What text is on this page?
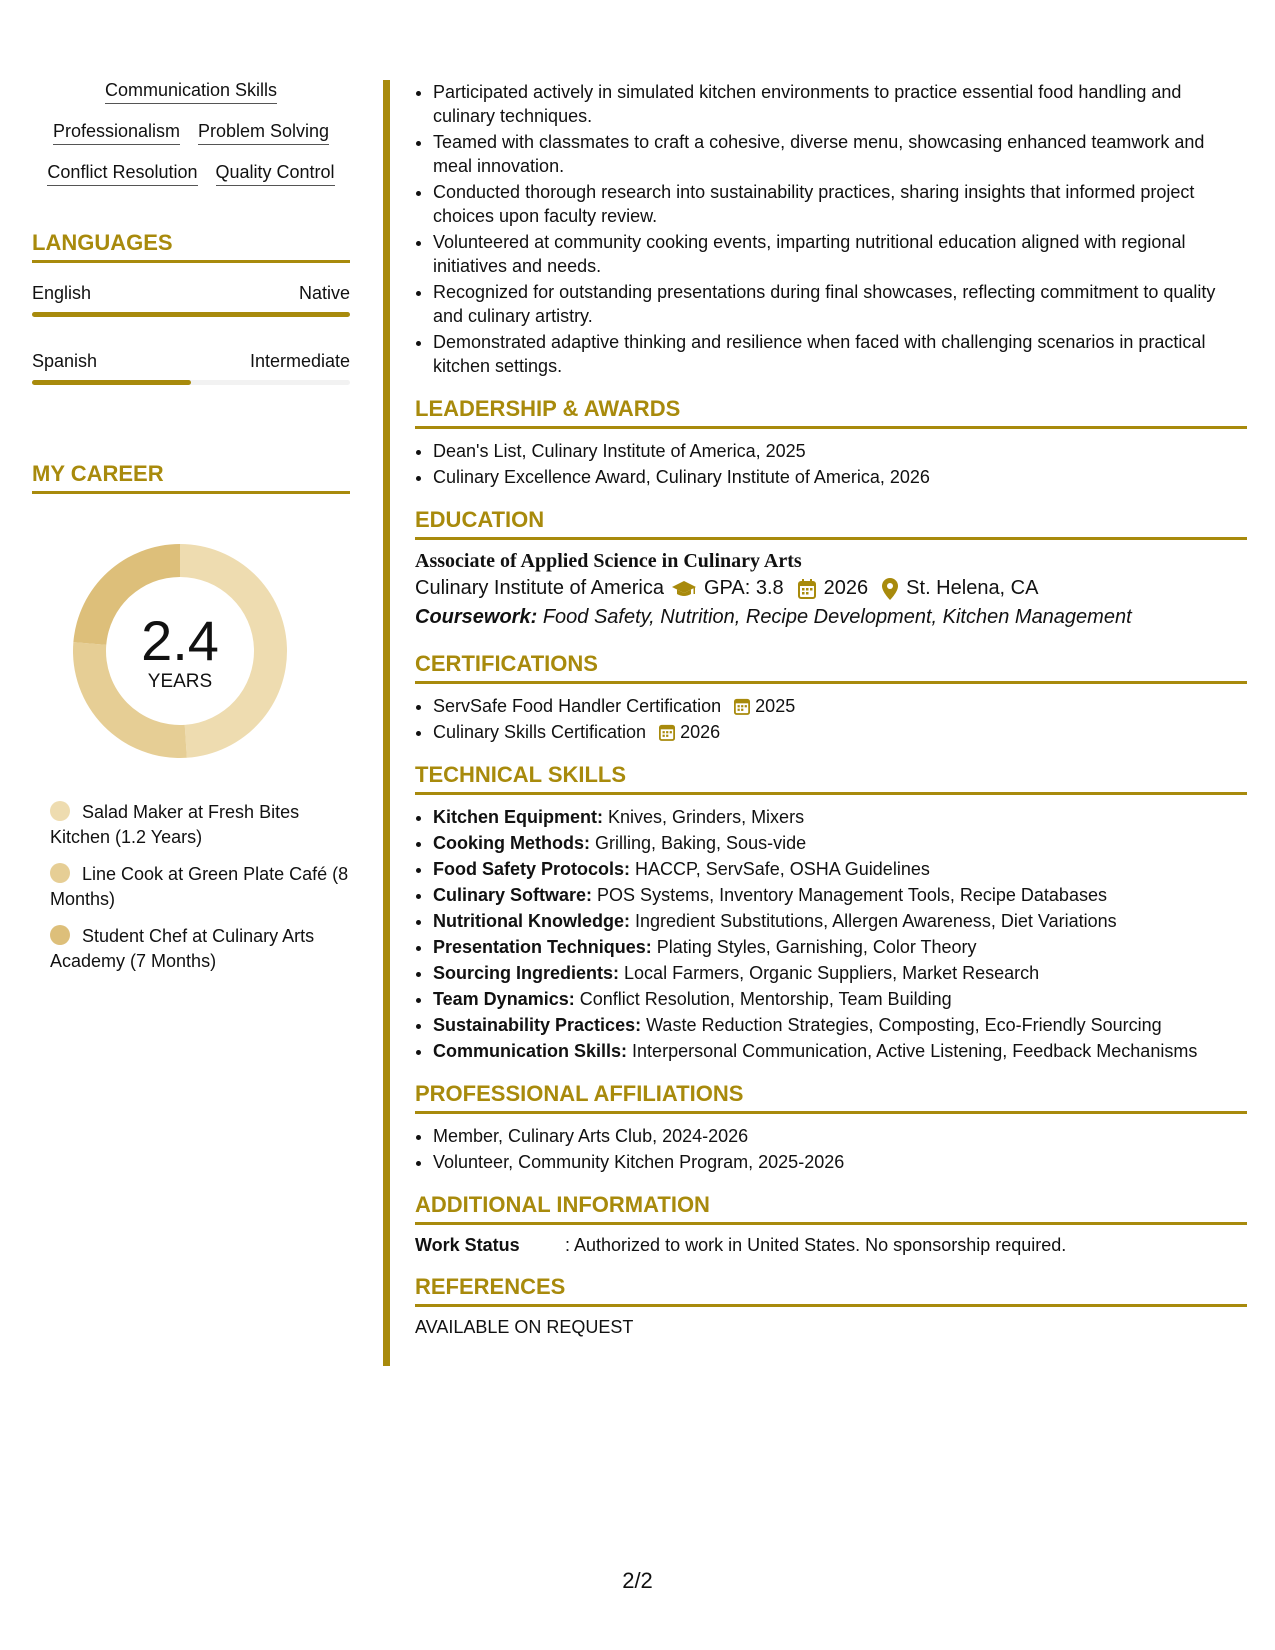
Communication Skills
Professionalism Problem Solving
Conflict Resolution Quality Control
LANGUAGES
English	Native
Spanish	Intermediate
MY CAREER
2.4
YEARS
Salad Maker at Fresh Bites Kitchen (1.2 Years)
Line Cook at Green Plate Café (8 Months)
Student Chef at Culinary Arts Academy (7 Months)
• Participated actively in simulated kitchen environments to practice essential food handling and culinary techniques.
• Teamed with classmates to craft a cohesive, diverse menu, showcasing enhanced teamwork and meal innovation.
• Conducted thorough research into sustainability practices, sharing insights that informed project choices upon faculty review.
• Volunteered at community cooking events, imparting nutritional education aligned with regional initiatives and needs.
• Recognized for outstanding presentations during final showcases, reflecting commitment to quality and culinary artistry.
• Demonstrated adaptive thinking and resilience when faced with challenging scenarios in practical kitchen settings.
LEADERSHIP & AWARDS
• Dean's List, Culinary Institute of America, 2025
• Culinary Excellence Award, Culinary Institute of America, 2026
EDUCATION
Associate of Applied Science in Culinary Arts
Culinary Institute of America GPA: 3.8 2026 St. Helena, CA
Coursework: Food Safety, Nutrition, Recipe Development, Kitchen Management
CERTIFICATIONS
• ServSafe Food Handler Certification 2025
• Culinary Skills Certification 2026
TECHNICAL SKILLS
• Kitchen Equipment: Knives, Grinders, Mixers
• Cooking Methods: Grilling, Baking, Sous-vide
• Food Safety Protocols: HACCP, ServSafe, OSHA Guidelines
• Culinary Software: POS Systems, Inventory Management Tools, Recipe Databases
• Nutritional Knowledge: Ingredient Substitutions, Allergen Awareness, Diet Variations
• Presentation Techniques: Plating Styles, Garnishing, Color Theory
• Sourcing Ingredients: Local Farmers, Organic Suppliers, Market Research
• Team Dynamics: Conflict Resolution, Mentorship, Team Building
• Sustainability Practices: Waste Reduction Strategies, Composting, Eco-Friendly Sourcing
• Communication Skills: Interpersonal Communication, Active Listening, Feedback Mechanisms
PROFESSIONAL AFFILIATIONS
• Member, Culinary Arts Club, 2024-2026
• Volunteer, Community Kitchen Program, 2025-2026
ADDITIONAL INFORMATION
Work Status	: Authorized to work in United States. No sponsorship required.
REFERENCES
AVAILABLE ON REQUEST
2/2
